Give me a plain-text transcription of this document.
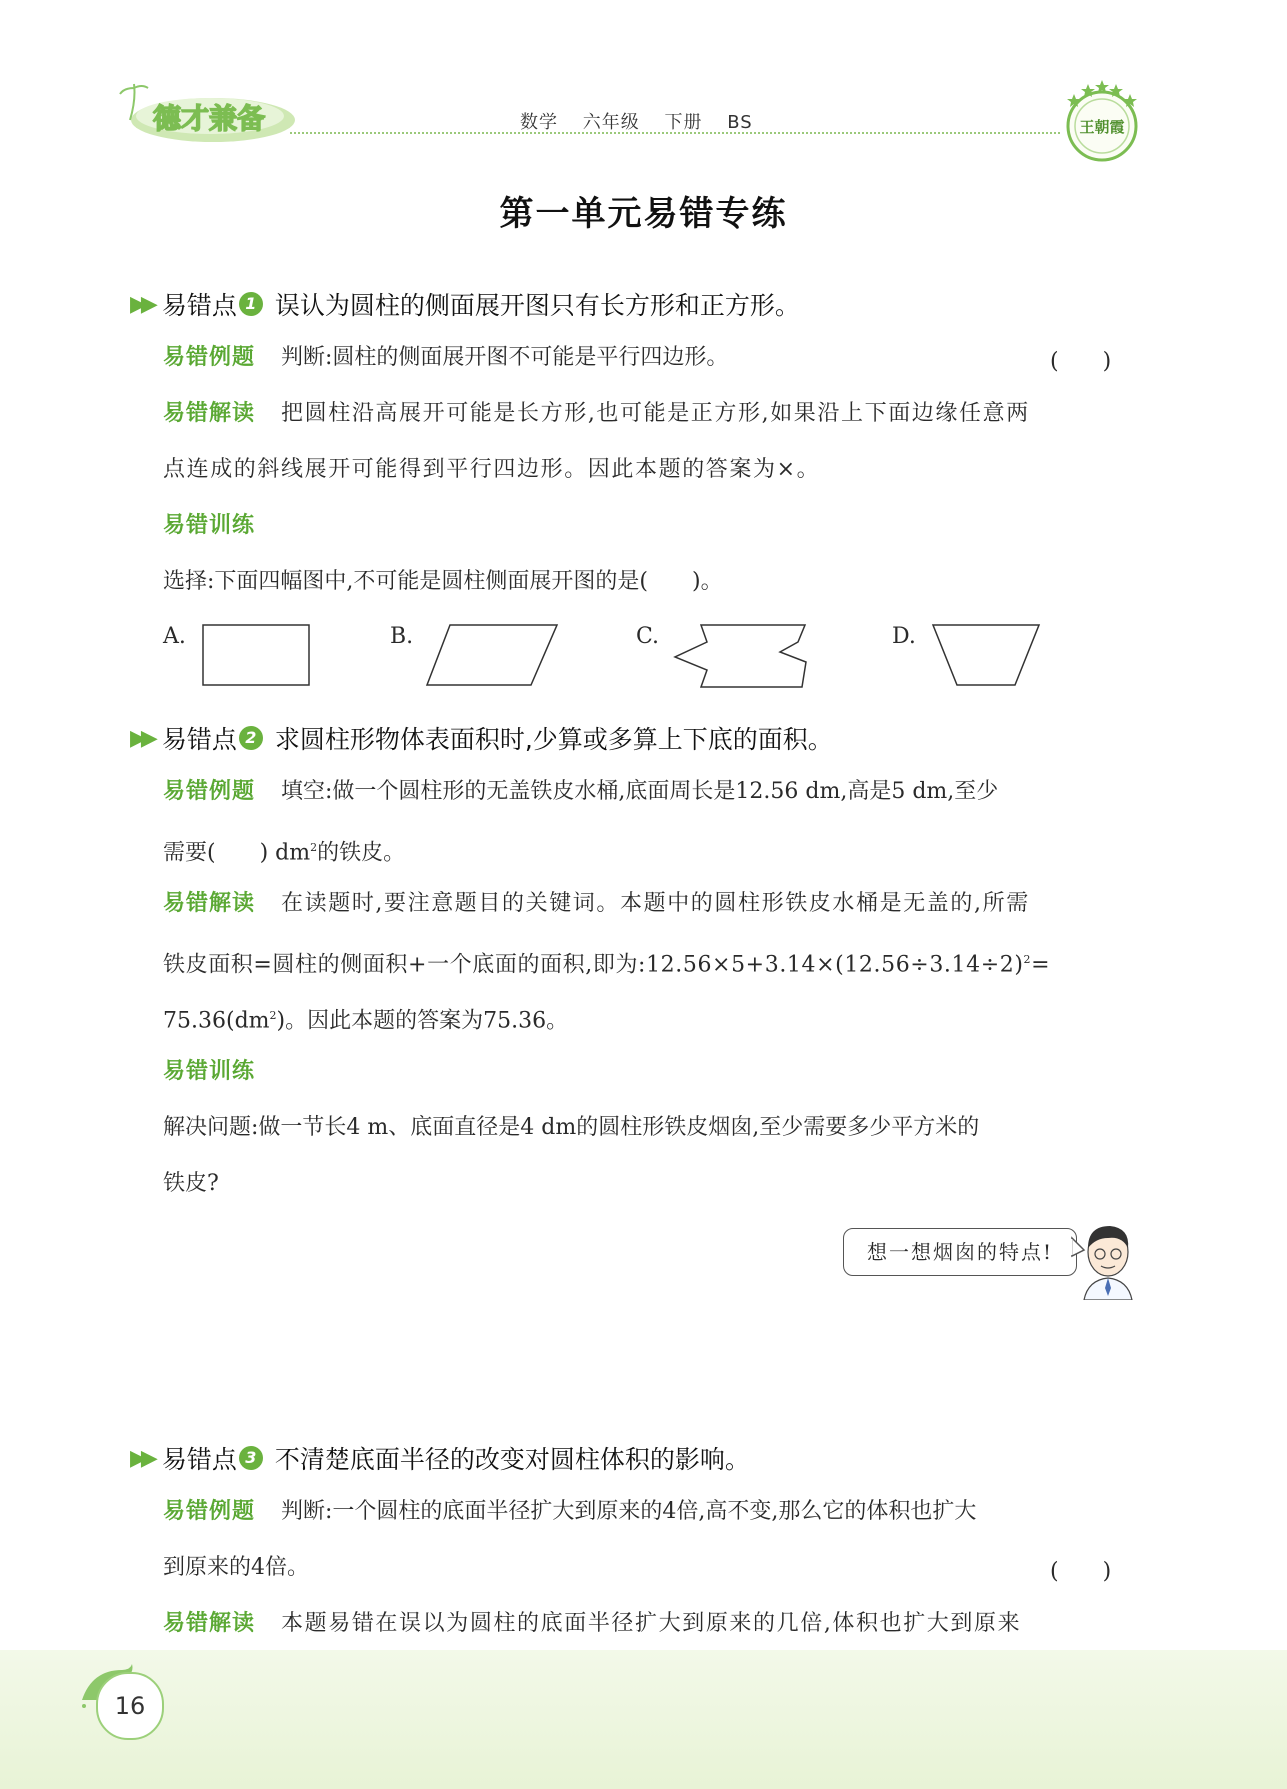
德才兼备	数学 六年级 下册 BS	王朝霞
第一单元易错专练
▶▶ 易错点 1 误认为圆柱的侧面展开图只有长方形和正方形。
易错例题 判断:圆柱的侧面展开图不可能是平行四边形。	(　　)
易错解读 把圆柱沿高展开可能是长方形,也可能是正方形,如果沿上下面边缘任意两
点连成的斜线展开可能得到平行四边形。因此本题的答案为×。
易错训练
选择:下面四幅图中,不可能是圆柱侧面展开图的是(　　)。
A.	B.	C.	D.
▶▶ 易错点 2 求圆柱形物体表面积时,少算或多算上下底的面积。
易错例题 填空:做一个圆柱形的无盖铁皮水桶,底面周长是12.56 dm,高是5 dm,至少
需要(　　) $dm^2$的铁皮。
易错解读 在读题时,要注意题目的关键词。本题中的圆柱形铁皮水桶是无盖的,所需
铁皮面积=圆柱的侧面积+一个底面的面积,即为$:12.56\times 5+3.14\times(12.56\div 3.14\div 2)^2=$
$75.36(dm^2)$。因此本题的答案为75.36。
易错训练
解决问题:做一节长4 m、底面直径是4 dm的圆柱形铁皮烟囱,至少需要多少平方米的
铁皮?
想一想烟囱的特点!
▶▶ 易错点 3 不清楚底面半径的改变对圆柱体积的影响。
易错例题 判断:一个圆柱的底面半径扩大到原来的4倍,高不变,那么它的体积也扩大
到原来的4倍。	(　　)
易错解读 本题易错在误以为圆柱的底面半径扩大到原来的几倍,体积也扩大到原来
16
